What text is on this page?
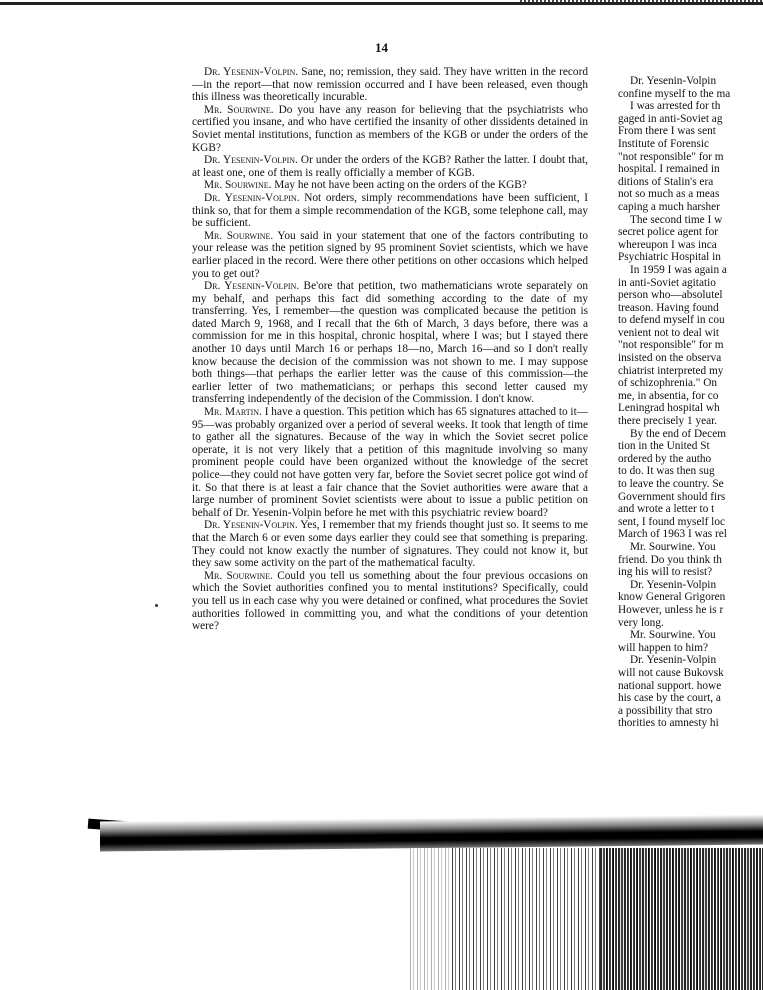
14

Dr. Yesenin-Volpin. Sane, no; remission, they said. They have written in the record—in the report—that now remission occurred and I have been released, even though this illness was theoretically incurable.

Mr. Sourwine. Do you have any reason for believing that the psychiatrists who certified you insane, and who have certified the insanity of other dissidents detained in Soviet mental institutions, function as members of the KGB or under the orders of the KGB?

Dr. Yesenin-Volpin. Or under the orders of the KGB? Rather the latter. I doubt that, at least one, one of them is really officially a member of KGB.

Mr. Sourwine. May he not have been acting on the orders of the KGB?

Dr. Yesenin-Volpin. Not orders, simply recommendations have been sufficient, I think so, that for them a simple recommendation of the KGB, some telephone call, may be sufficient.

Mr. Sourwine. You said in your statement that one of the factors contributing to your release was the petition signed by 95 prominent Soviet scientists, which we have earlier placed in the record. Were there other petitions on other occasions which helped you to get out?

Dr. Yesenin-Volpin. Be'ore that petition, two mathematicians wrote separately on my behalf, and perhaps this fact did something according to the date of my transferring. Yes, I remember—the question was complicated because the petition is dated March 9, 1968, and I recall that the 6th of March, 3 days before, there was a commission for me in this hospital, chronic hospital, where I was; but I stayed there another 10 days until March 16 or perhaps 18—no, March 16—and so I don't really know because the decision of the commission was not shown to me. I may suppose both things—that perhaps the earlier letter was the cause of this commission—the earlier letter of two mathematicians; or perhaps this second letter caused my transferring independently of the decision of the Commission. I don't know.

Mr. Martin. I have a question. This petition which has 65 signatures attached to it—95—was probably organized over a period of several weeks. It took that length of time to gather all the signatures. Because of the way in which the Soviet secret police operate, it is not very likely that a petition of this magnitude involving so many prominent people could have been organized without the knowledge of the secret police—they could not have gotten very far, before the Soviet secret police got wind of it. So that there is at least a fair chance that the Soviet authorities were aware that a large number of prominent Soviet scientists were about to issue a public petition on behalf of Dr. Yesenin-Volpin before he met with this psychiatric review board?

Dr. Yesenin-Volpin. Yes, I remember that my friends thought just so. It seems to me that the March 6 or even some days earlier they could see that something is preparing. They could not know exactly the number of signatures. They could not know it, but they saw some activity on the part of the mathematical faculty.

Mr. Sourwine. Could you tell us something about the four previous occasions on which the Soviet authorities confined you to mental institutions? Specifically, could you tell us in each case why you were detained or confined, what procedures the Soviet authorities followed in committing you, and what the conditions of your detention were?

Dr. Yesenin-Volpin
confine myself to the ma
I was arrested for th
gaged in anti-Soviet ag
From there I was sent
Institute of Forensic
"not responsible" for m
hospital. I remained in
ditions of Stalin's era
not so much as a meas
caping a much harsher
The second time I w
secret police agent for
whereupon I was inca
Psychiatric Hospital in
In 1959 I was again a
in anti-Soviet agitatio
person who—absolutel
treason. Having found
to defend myself in cou
venient not to deal wit
"not responsible" for m
insisted on the observa
chiatrist interpreted my
of schizophrenia." On
me, in absentia, for co
Leningrad hospital wh
there precisely 1 year.
By the end of Decem
tion in the United St
ordered by the autho
to do. It was then sug
to leave the country. Se
Government should firs
and wrote a letter to t
sent, I found myself loc
March of 1963 I was rel
Mr. Sourwine. You
friend. Do you think th
ing his will to resist?
Dr. Yesenin-Volpin
know General Grigoren
However, unless he is r
very long.
Mr. Sourwine. You
will happen to him?
Dr. Yesenin-Volpin
will not cause Bukovsk
national support. howe
his case by the court, a
a possibility that stro
thorities to amnesty hi
